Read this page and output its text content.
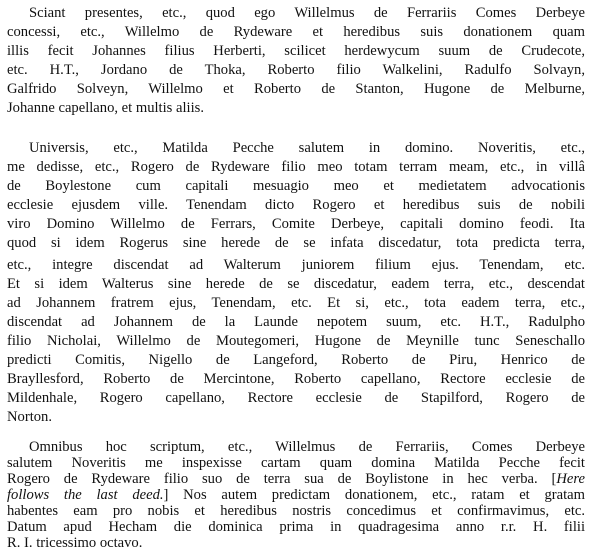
Sciant presentes, etc., quod ego Willelmus de Ferrariis Comes Derbeye
concessi, etc., Willelmo de Rydeware et heredibus suis donationem quam
illis fecit Johannes filius Herberti, scilicet herdewycum suum de Crudecote,
etc. H.T., Jordano de Thoka, Roberto filio Walkelini, Radulfo Solvayn,
Galfrido Solveyn, Willelmo et Roberto de Stanton, Hugone de Melburne,
Johanne capellano, et multis aliis.
Universis, etc., Matilda Pecche salutem in domino. Noveritis, etc.,
me dedisse, etc., Rogero de Rydeware filio meo totam terram meam, etc., in villâ
de Boylestone cum capitali mesuagio meo et medietatem advocationis
ecclesie ejusdem ville. Tenendam dicto Rogero et heredibus suis de nobili
viro Domino Willelmo de Ferrars, Comite Derbeye, capitali domino feodi. Ita
quod si idem Rogerus sine herede de se infata discedatur, tota predicta terra,
etc., integre discendat ad Walterum juniorem filium ejus. Tenendam, etc.
Et si idem Walterus sine herede de se discedatur, eadem terra, etc., descendat
ad Johannem fratrem ejus, Tenendam, etc. Et si, etc., tota eadem terra, etc.,
discendat ad Johannem de la Launde nepotem suum, etc. H.T., Radulpho
filio Nicholai, Willelmo de Moutegomeri, Hugone de Meynille tunc Seneschallo
predicti Comitis, Nigello de Langeford, Roberto de Piru, Henrico de
Brayllesford, Roberto de Mercintone, Roberto capellano, Rectore ecclesie de
Mildenhale, Rogero capellano, Rectore ecclesie de Stapilford, Rogero de
Norton.
Omnibus hoc scriptum, etc., Willelmus de Ferrariis, Comes Derbeye
salutem Noveritis me inspexisse cartam quam domina Matilda Pecche fecit
Rogero de Rydeware filio suo de terra sua de Boylistone in hec verba. [Here
follows the last deed.] Nos autem predictam donationem, etc., ratam et gratam
habentes eam pro nobis et heredibus nostris concedimus et confirmavimus, etc.
Datum apud Hecham die dominica prima in quadragesima anno r.r. H. filii
R. I. tricessimo octavo.
